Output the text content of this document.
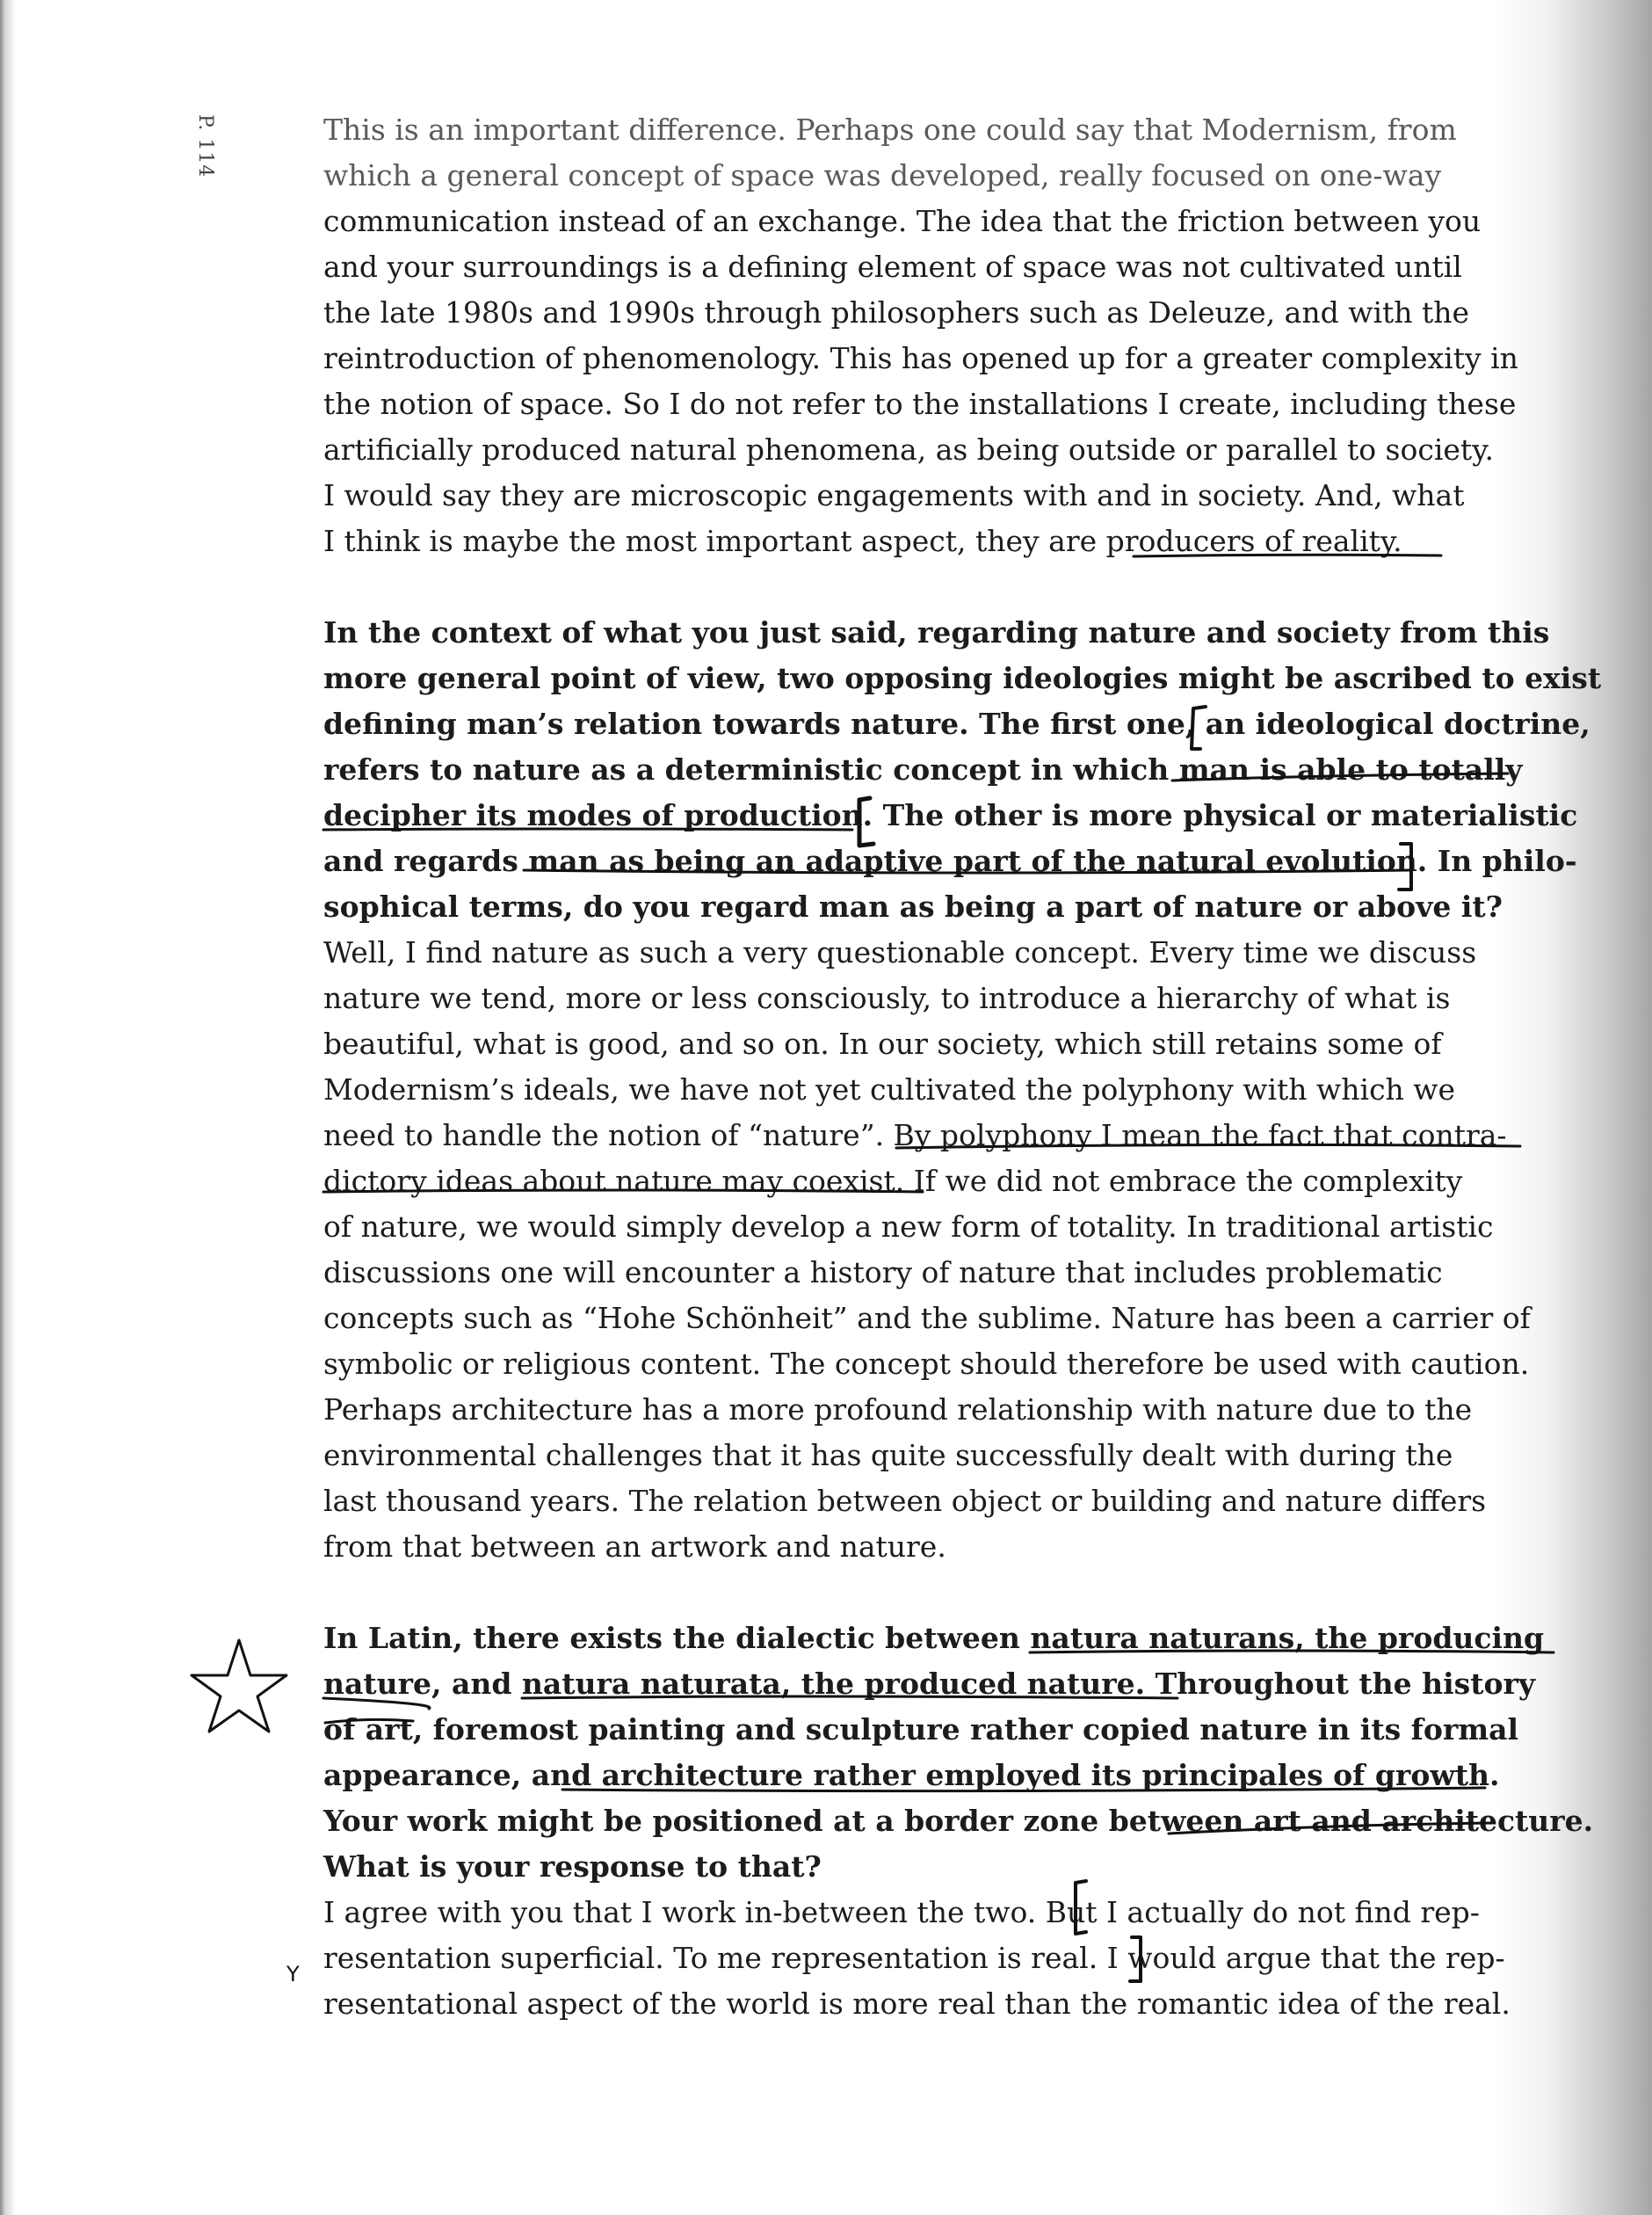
P. 114	This is an important difference. Perhaps one could say that Modernism, from
which a general concept of space was developed, really focused on one-way
communication instead of an exchange. The idea that the friction between you
and your surroundings is a defining element of space was not cultivated until
the late 1980s and 1990s through philosophers such as Deleuze, and with the
reintroduction of phenomenology. This has opened up for a greater complexity in
the notion of space. So I do not refer to the installations I create, including these
artificially produced natural phenomena, as being outside or parallel to society.
I would say they are microscopic engagements with and in society. And, what
I think is maybe the most important aspect, they are producers of reality.
In the context of what you just said, regarding nature and society from this
more general point of view, two opposing ideologies might be ascribed to exist
defining man’s relation towards nature. The first one, an ideological doctrine,
refers to nature as a deterministic concept in which man is able to totally
decipher its modes of production. The other is more physical or materialistic
and regards man as being an adaptive part of the natural evolution. In philo-
sophical terms, do you regard man as being a part of nature or above it?
Well, I find nature as such a very questionable concept. Every time we discuss
nature we tend, more or less consciously, to introduce a hierarchy of what is
beautiful, what is good, and so on. In our society, which still retains some of
Modernism’s ideals, we have not yet cultivated the polyphony with which we
need to handle the notion of “nature”. By polyphony I mean the fact that contra-
dictory ideas about nature may coexist. If we did not embrace the complexity
of nature, we would simply develop a new form of totality. In traditional artistic
discussions one will encounter a history of nature that includes problematic
concepts such as “Hohe Schönheit” and the sublime. Nature has been a carrier of
symbolic or religious content. The concept should therefore be used with caution.
Perhaps architecture has a more profound relationship with nature due to the
environmental challenges that it has quite successfully dealt with during the
last thousand years. The relation between object or building and nature differs
from that between an artwork and nature.
In Latin, there exists the dialectic between natura naturans, the producing
nature, and natura naturata, the produced nature. Throughout the history
of art, foremost painting and sculpture rather copied nature in its formal
appearance, and architecture rather employed its principales of growth.
Your work might be positioned at a border zone between art and architecture.
What is your response to that?
I agree with you that I work in-between the two. But I actually do not find rep-
resentation superficial. To me representation is real. I would argue that the rep-
resentational aspect of the world is more real than the romantic idea of the real.
Y
